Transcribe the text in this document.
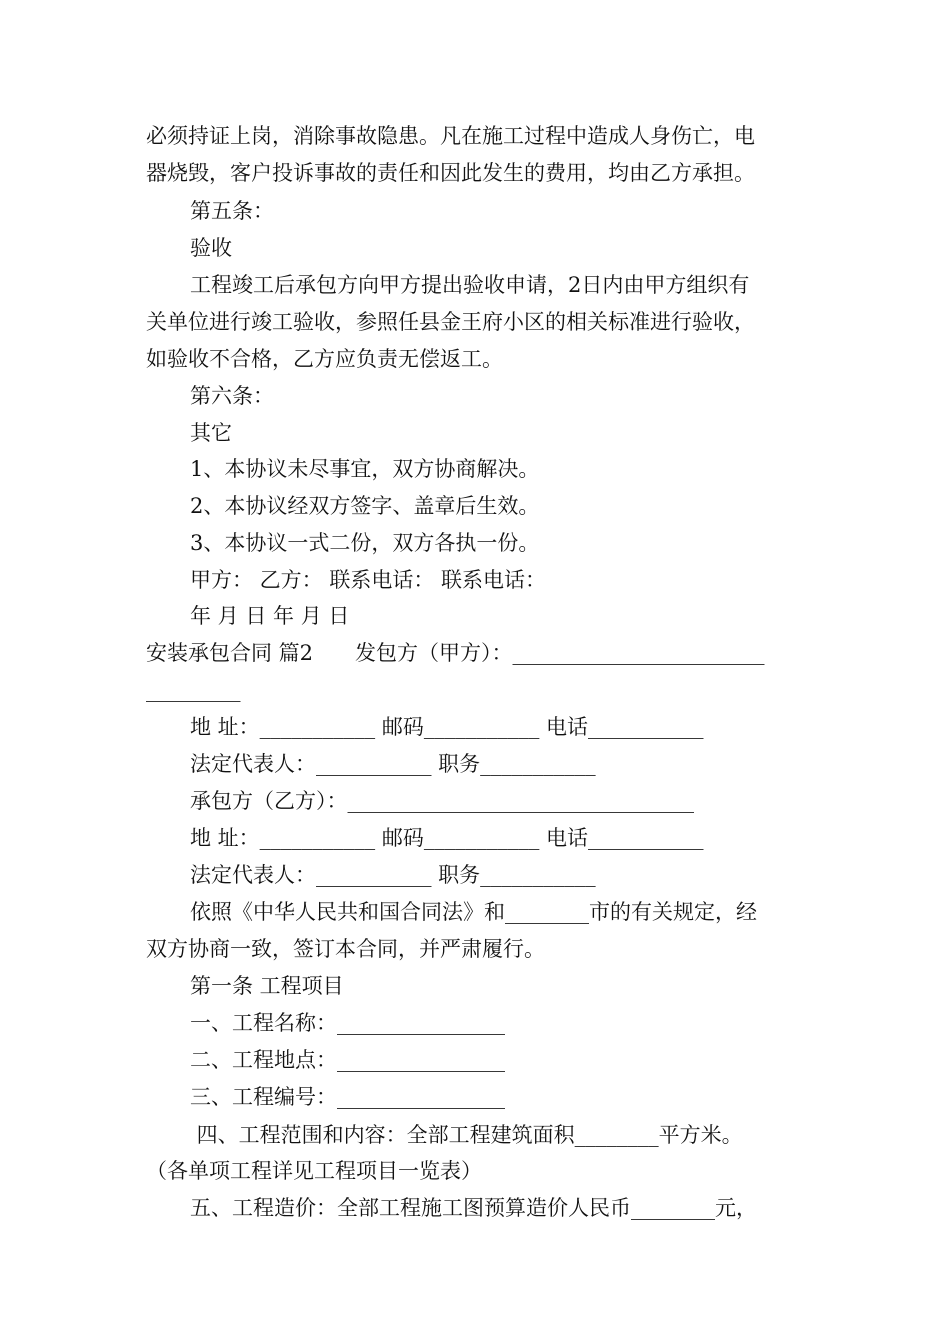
必须持证上岗，消除事故隐患。凡在施工过程中造成人身伤亡，电
器烧毁，客户投诉事故的责任和因此发生的费用，均由乙方承担。
第五条：
验收
工程竣工后承包方向甲方提出验收申请，2日内由甲方组织有
关单位进行竣工验收，参照任县金王府小区的相关标准进行验收，
如验收不合格，乙方应负责无偿返工。
第六条：
其它
1、本协议未尽事宜，双方协商解决。
2、本协议经双方签字、盖章后生效。
3、本协议一式二份，双方各执一份。
甲方： 乙方： 联系电话： 联系电话：
年 月 日 年 月 日
安装承包合同 篇2　　发包方（甲方）：________________________
_________
地 址：___________ 邮码___________ 电话___________
法定代表人：___________ 职务___________
承包方（乙方）：_________________________________
地 址：___________ 邮码___________ 电话___________
法定代表人：___________ 职务___________
依照《中华人民共和国合同法》和________市的有关规定，经
双方协商一致，签订本合同，并严肃履行。
第一条 工程项目
一、工程名称：________________
二、工程地点：________________
三、工程编号：________________
四、工程范围和内容：全部工程建筑面积________平方米。
（各单项工程详见工程项目一览表）
五、工程造价：全部工程施工图预算造价人民币________元，
